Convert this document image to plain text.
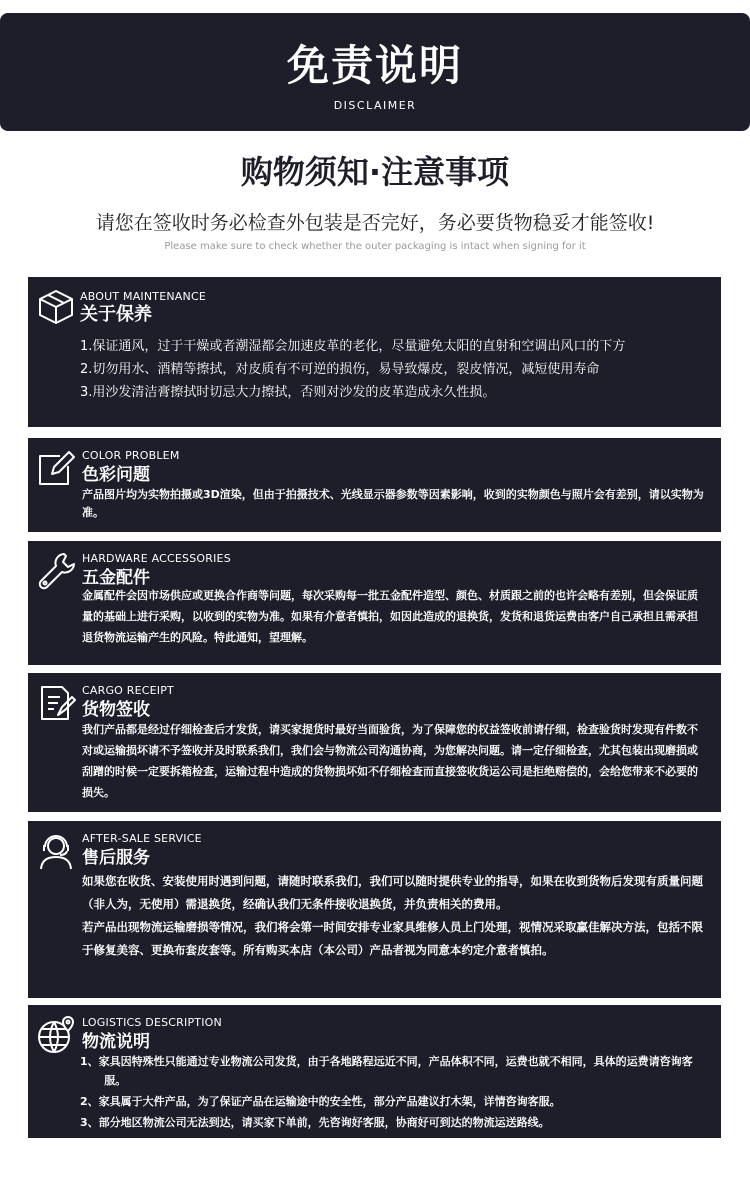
免责说明
DISCLAIMER
购物须知·注意事项
请您在签收时务必检查外包装是否完好，务必要货物稳妥才能签收!
Please make sure to check whether the outer packaging is intact when signing for it
ABOUT MAINTENANCE
关于保养

1.保证通风，过于干燥或者潮湿都会加速皮革的老化，尽量避免太阳的直射和空调出风口的下方

2.切勿用水、酒精等擦拭，对皮质有不可逆的损伤，易导致爆皮，裂皮情况，减短使用寿命

3.用沙发清洁膏擦拭时切忌大力擦拭，否则对沙发的皮革造成永久性损。

COLOR PROBLEM
色彩问题

产品图片均为实物拍摄或3D渲染，但由于拍摄技术、光线显示器参数等因素影响，收到的实物颜色与照片会有差别，请以实物为准。

HARDWARE ACCESSORIES
五金配件

金属配件会因市场供应或更换合作商等问题，每次采购每一批五金配件造型、颜色、材质跟之前的也许会略有差别，但会保证质量的基础上进行采购，以收到的实物为准。如果有介意者慎拍，如因此造成的退换货，发货和退货运费由客户自己承担且需承担退货物流运输产生的风险。特此通知，望理解。

CARGO RECEIPT
货物签收

我们产品都是经过仔细检查后才发货，请买家提货时最好当面验货，为了保障您的权益签收前请仔细，检查验货时发现有件数不对或运输损坏请不予签收并及时联系我们，我们会与物流公司沟通协商，为您解决问题。请一定仔细检查，尤其包装出现磨损或刮蹭的时候一定要拆箱检查，运输过程中造成的货物损坏如不仔细检查而直接签收货运公司是拒绝赔偿的，会给您带来不必要的损失。

AFTER-SALE SERVICE
售后服务

如果您在收货、安装使用时遇到问题，请随时联系我们，我们可以随时提供专业的指导，如果在收到货物后发现有质量问题（非人为，无使用）需退换货，经确认我们无条件接收退换货，并负责相关的费用。

若产品出现物流运输磨损等情况，我们将会第一时间安排专业家具维修人员上门处理，视情况采取赢佳解决方法，包括不限于修复美容、更换布套皮套等。所有购买本店（本公司）产品者视为同意本约定介意者慎拍。

LOGISTICS DESCRIPTION
物流说明

1、家具因特殊性只能通过专业物流公司发货，由于各地路程远近不同，产品体积不同，运费也就不相同，具体的运费请咨询客服。

2、家具属于大件产品，为了保证产品在运输途中的安全性，部分产品建议打木架，详情咨询客服。

3、部分地区物流公司无法到达，请买家下单前，先咨询好客服，协商好可到达的物流运送路线。
